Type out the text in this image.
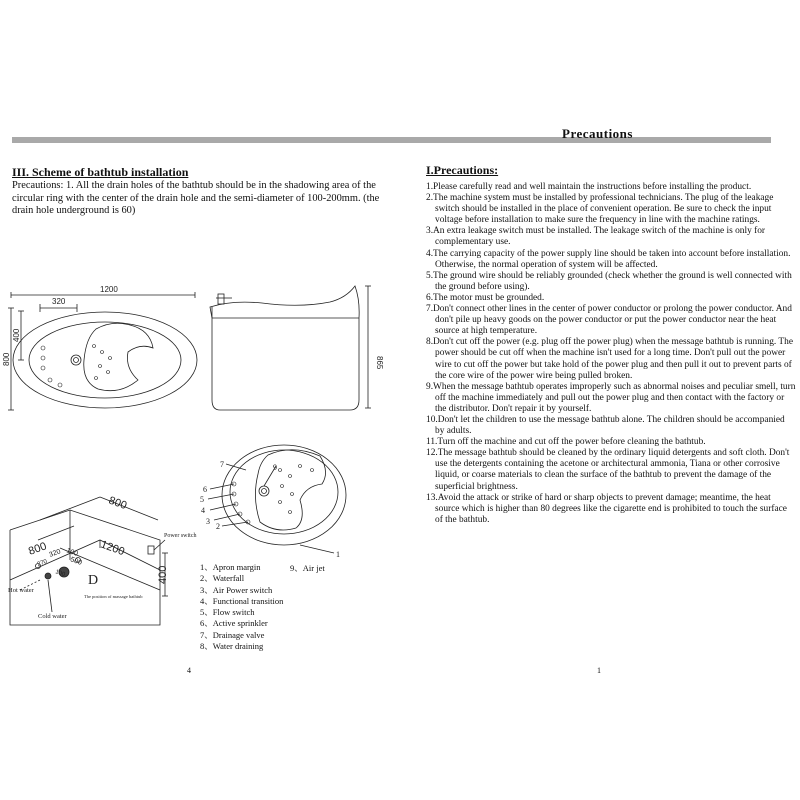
Precautions
III. Scheme of bathtub installation
Precautions: 1. All the drain holes of the bathtub should be in the shadowing area of the circular ring with the center of the drain hole and the semi-diameter of 100-200mm. (the drain hole underground is 60)
I.Precautions:
1.Please carefully read and well maintain the instructions before installing the product.
2.The machine system must be installed by professional technicians. The plug of the leakage switch should be installed in the place of convenient operation. Be sure to check the input voltage before installation to make sure the frequency in line with the machine ratings.
3.An extra leakage switch must be installed. The leakage switch of the machine is only for complementary use.
4.The carrying capacity of the power supply line should be taken into account before installation. Otherwise, the normal operation of system will be affected.
5.The ground wire should be reliably grounded (check whether the ground is well connected with the ground before using).
6.The motor must be grounded.
7.Don't connect other lines in the center of power conductor or prolong the power conductor. And don't pile up heavy goods on the power conductor or put the power conductor near the heat source at high temperature.
8.Don't cut off the power (e.g. plug off the power plug) when the message bathtub is running. The power should be cut off when the machine isn't used for a long time. Don't pull out the power wire to cut off the power but take hold of the power plug and then pull it out to prevent parts of the core wire of the power wire being pulled broken.
9.When the message bathtub operates improperly such as abnormal noises and peculiar smell, turn off the machine immediately and pull out the power plug and then contact with the factory or the distributor. Don't repair it by yourself.
10.Don't let the children to use the message bathtub alone. The children should be accompanied by adults.
11.Turn off the machine and cut off the power before cleaning the bathtub.
12.The message bathtub should be cleaned by the ordinary liquid detergents and soft cloth. Don't use the detergents containing the acetone or architectural ammonia, Tiana or other corrosive liquid, or coarse materials to clean the surface of the bathtub to prevent the damage of the superficial brightness.
13.Avoid the attack or strike of hard or sharp objects to prevent damage; meantime, the heat source which is higher than 80 degrees like the cigarette end is prohibited to touch the surface of the bathtub.
1200
320
400
800	865
800
800	1200
400
320 100
500
270
100 D
Power switch
Hot water
Cold water
The position of massage bathtub
1
2
3
4
5
6
7	9
1、Apron margin
2、Waterfall
3、Air Power switch
4、Functional transition
5、Flow switch
6、Active sprinkler
7、Drainage valve
8、Water draining
9、Air jet
4	1
